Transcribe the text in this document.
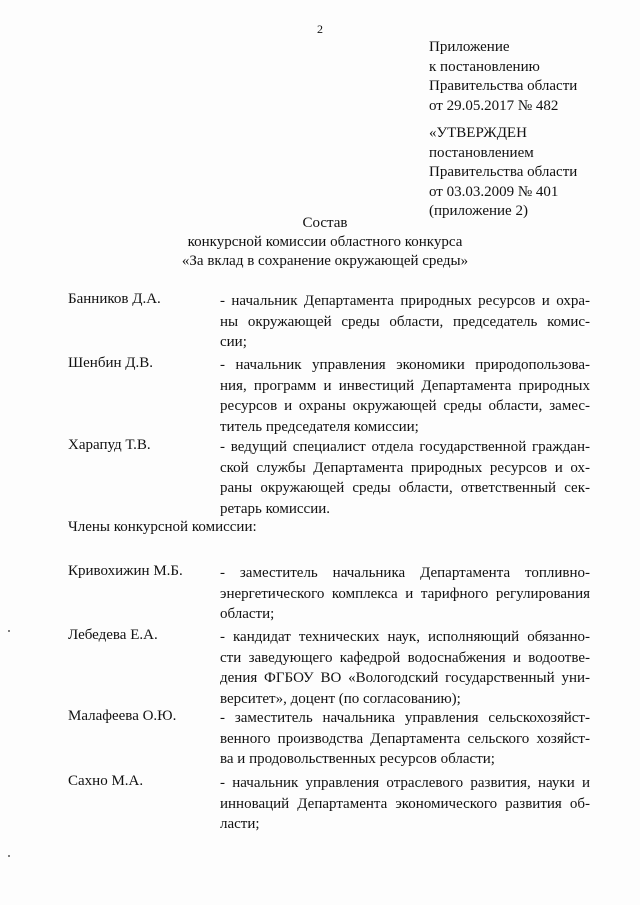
2
Приложение
к постановлению
Правительства области
от 29.05.2017 № 482
«УТВЕРЖДЕН
постановлением
Правительства области
от 03.03.2009 № 401
(приложение 2)
Состав
конкурсной комиссии областного конкурса
«За вклад в сохранение окружающей среды»
Банников Д.А.	- начальник Департамента природных ресурсов и охра-
ны окружающей среды области, председатель комис-
сии;
Шенбин Д.В.	- начальник управления экономики природопользова-
ния, программ и инвестиций Департамента природных
ресурсов и охраны окружающей среды области, замес-
титель председателя комиссии;
Харапуд Т.В.	- ведущий специалист отдела государственной граждан-
ской службы Департамента природных ресурсов и ох-
раны окружающей среды области, ответственный сек-
ретарь комиссии.
Члены конкурсной комиссии:
Кривохижин М.Б. - заместитель начальника Департамента топливно-
энергетического комплекса и тарифного регулирования
области;
Лебедева Е.А.	- кандидат технических наук, исполняющий обязанно-
сти заведующего кафедрой водоснабжения и водоотве-
дения ФГБОУ ВО «Вологодский государственный уни-
верситет», доцент (по согласованию);
Малафеева О.Ю.	- заместитель начальника управления сельскохозяйст-
венного производства Департамента сельского хозяйст-
ва и продовольственных ресурсов области;
Сахно М.А.	- начальник управления отраслевого развития, науки и
инноваций Департамента экономического развития об-
ласти;
